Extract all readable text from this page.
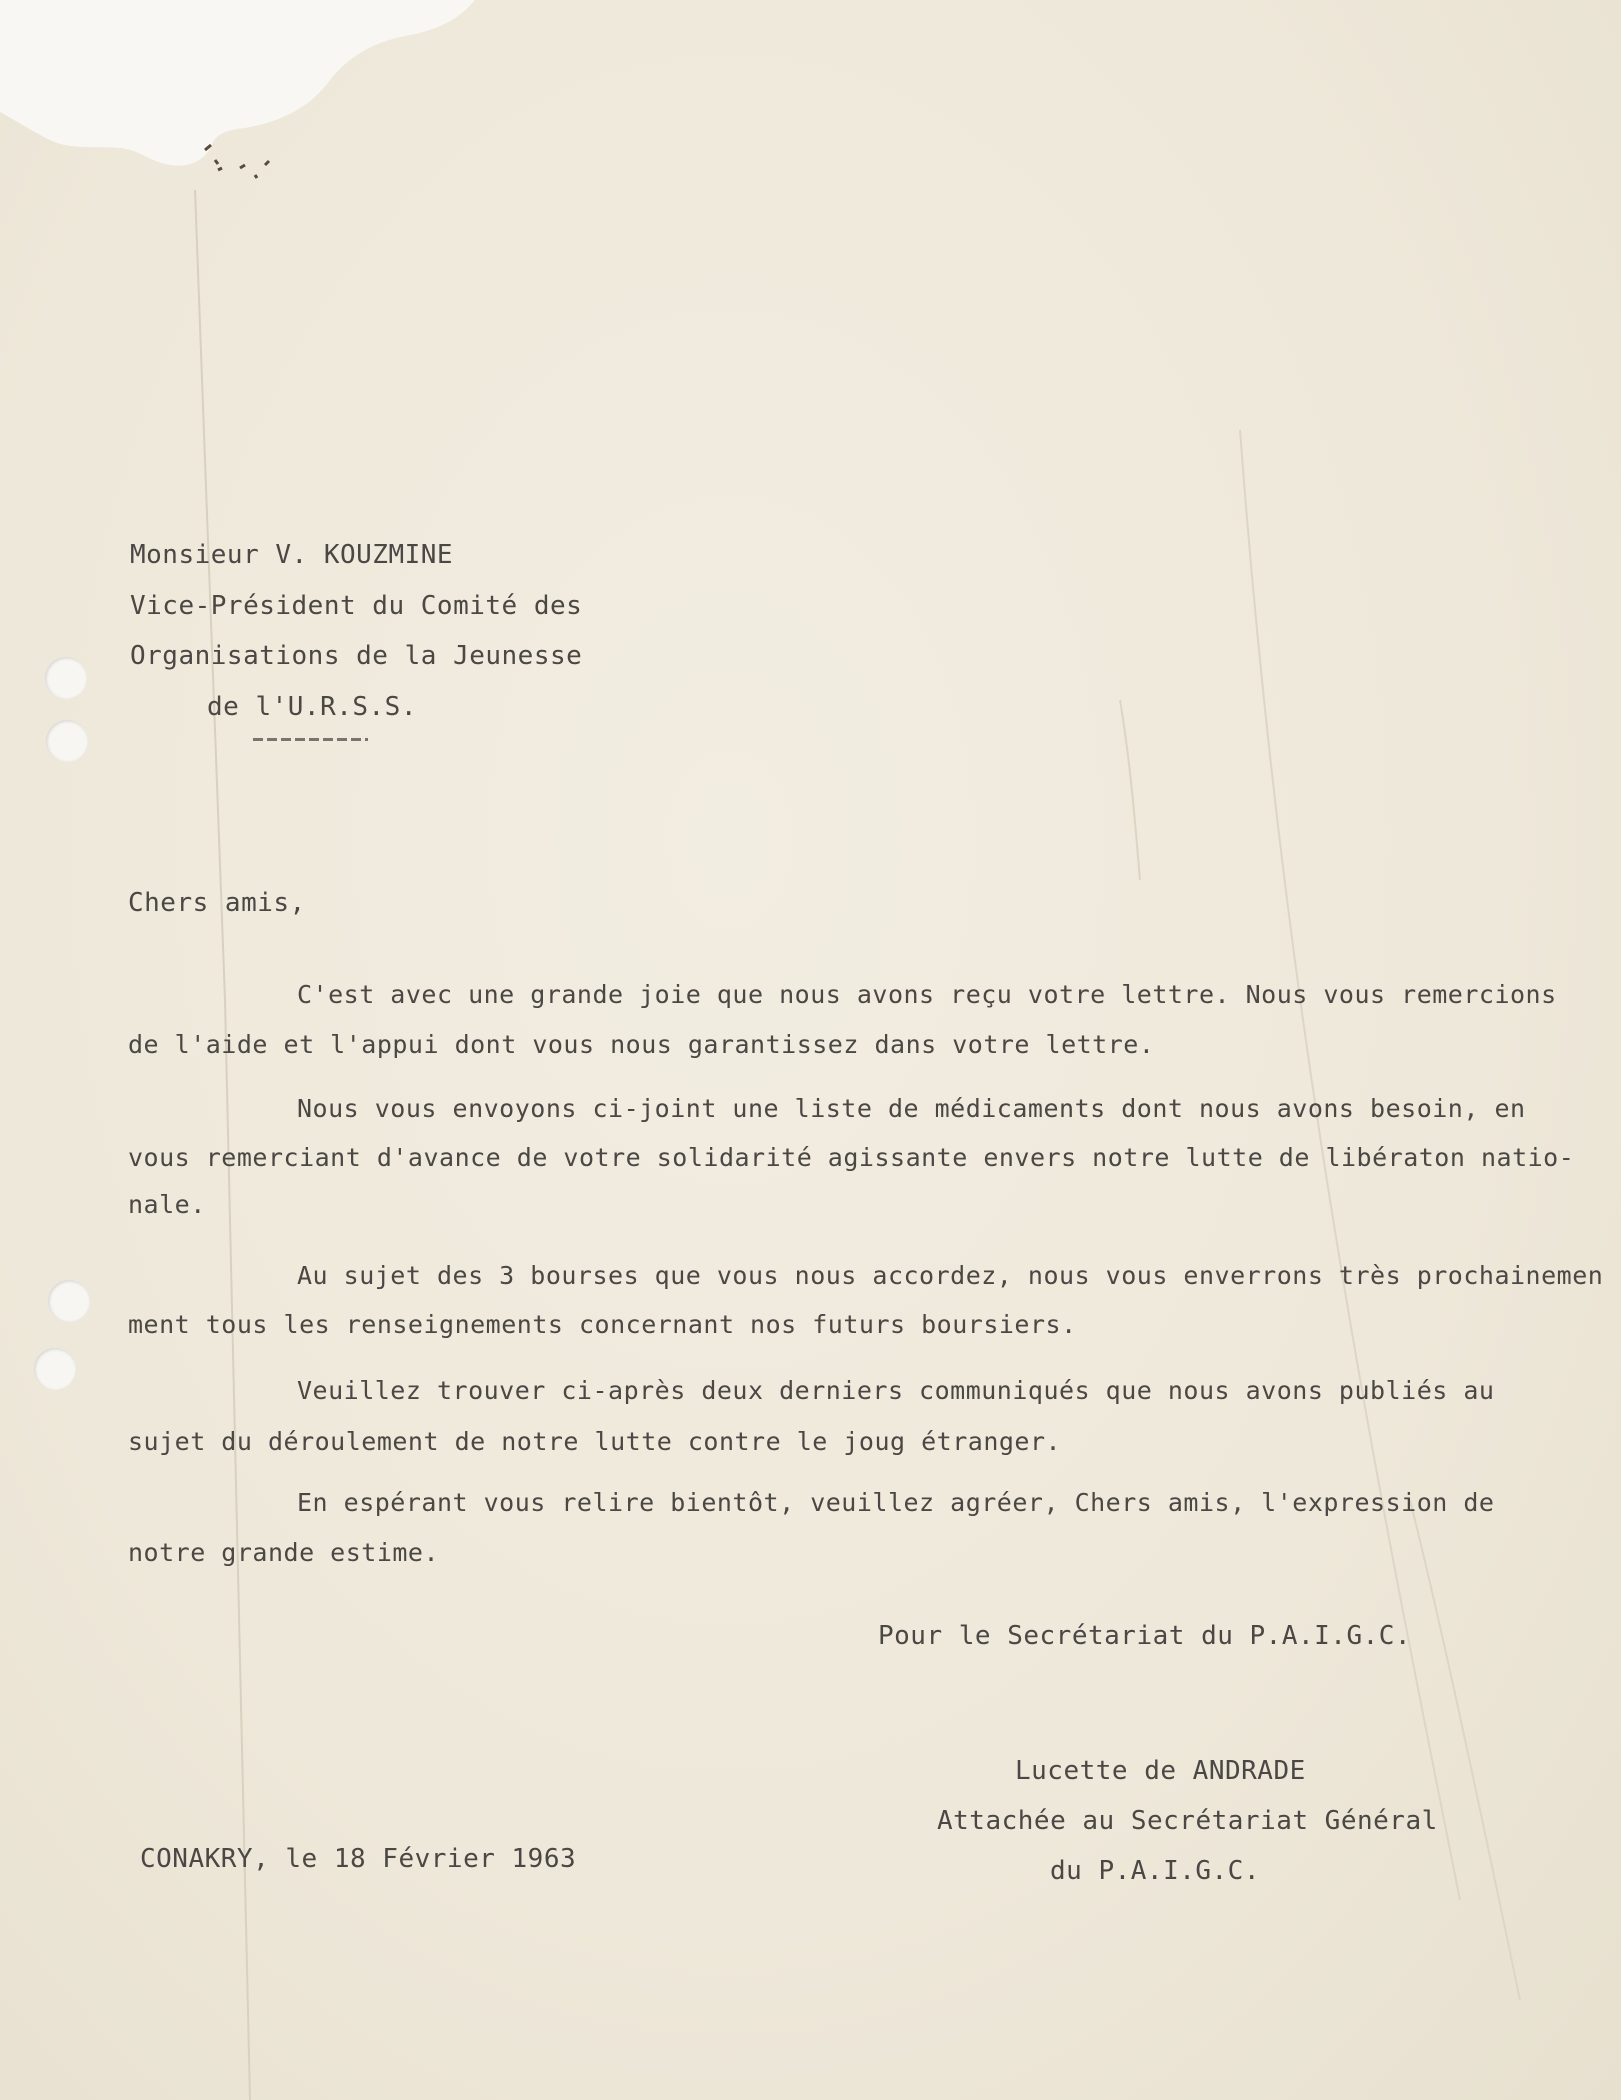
Monsieur V. KOUZMINE
Vice-Président du Comité des
Organisations de la Jeunesse
de l'U.R.S.S.
Chers amis,
C'est avec une grande joie que nous avons reçu votre lettre. Nous vous remercions
de l'aide et l'appui dont vous nous garantissez dans votre lettre.
Nous vous envoyons ci-joint une liste de médicaments dont nous avons besoin, en
vous remerciant d'avance de votre solidarité agissante envers notre lutte de libératon natio-
nale.
Au sujet des 3 bourses que vous nous accordez, nous vous enverrons très prochainemen
ment tous les renseignements concernant nos futurs boursiers.
Veuillez trouver ci-après deux derniers communiqués que nous avons publiés au
sujet du déroulement de notre lutte contre le joug étranger.
En espérant vous relire bientôt, veuillez agréer, Chers amis, l'expression de
notre grande estime.
Pour le Secrétariat du P.A.I.G.C.
Lucette de ANDRADE
Attachée au Secrétariat Général
du P.A.I.G.C.
CONAKRY, le 18 Février 1963
